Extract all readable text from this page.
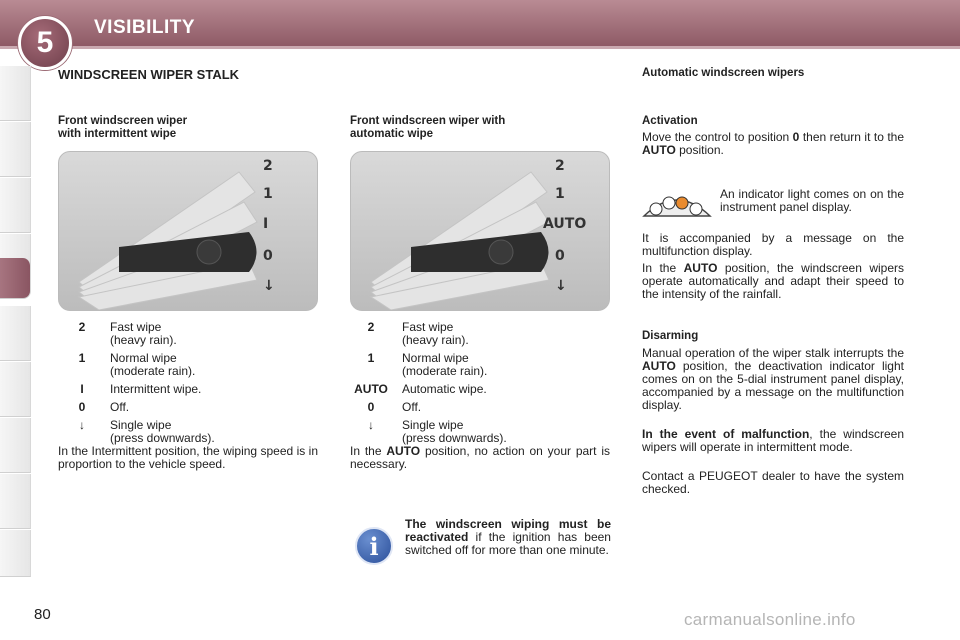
5	VISIBILITY
WINDSCREEN WIPER STALK	Automatic windscreen wipers

Front windscreen wiper
with intermittent wipe

Front windscreen wiper with
automatic wipe

2
1
I
0
↓
2
1
AUTO
0
↓
2	Fast wipe
(heavy rain).
1	Normal wipe
(moderate rain).
I	Intermittent wipe.
0	Off.
↓	Single wipe
(press downwards).

In the Intermittent position, the wiping speed is in proportion to the vehicle speed.

2	Fast wipe
(heavy rain).
1	Normal wipe
(moderate rain).
AUTO	Automatic wipe.
0	Off.
↓	Single wipe
(press downwards).

In the AUTO position, no action on your part is necessary.

i

The windscreen wiping must be reactivated if the ignition has been switched off for more than one minute.

Activation

Move the control to position 0 then return it to the AUTO position.

An indicator light comes on on the instrument panel display.

It is accompanied by a message on the multifunction display.

In the AUTO position, the windscreen wipers operate automatically and adapt their speed to the intensity of the rainfall.

Disarming

Manual operation of the wiper stalk interrupts the AUTO position, the deactivation indicator light comes on on the 5-dial instrument panel display, accompanied by a message on the multifunction display.

In the event of malfunction, the windscreen wipers will operate in intermittent mode.

Contact a PEUGEOT dealer to have the system checked.

80	carmanualsonline.info
